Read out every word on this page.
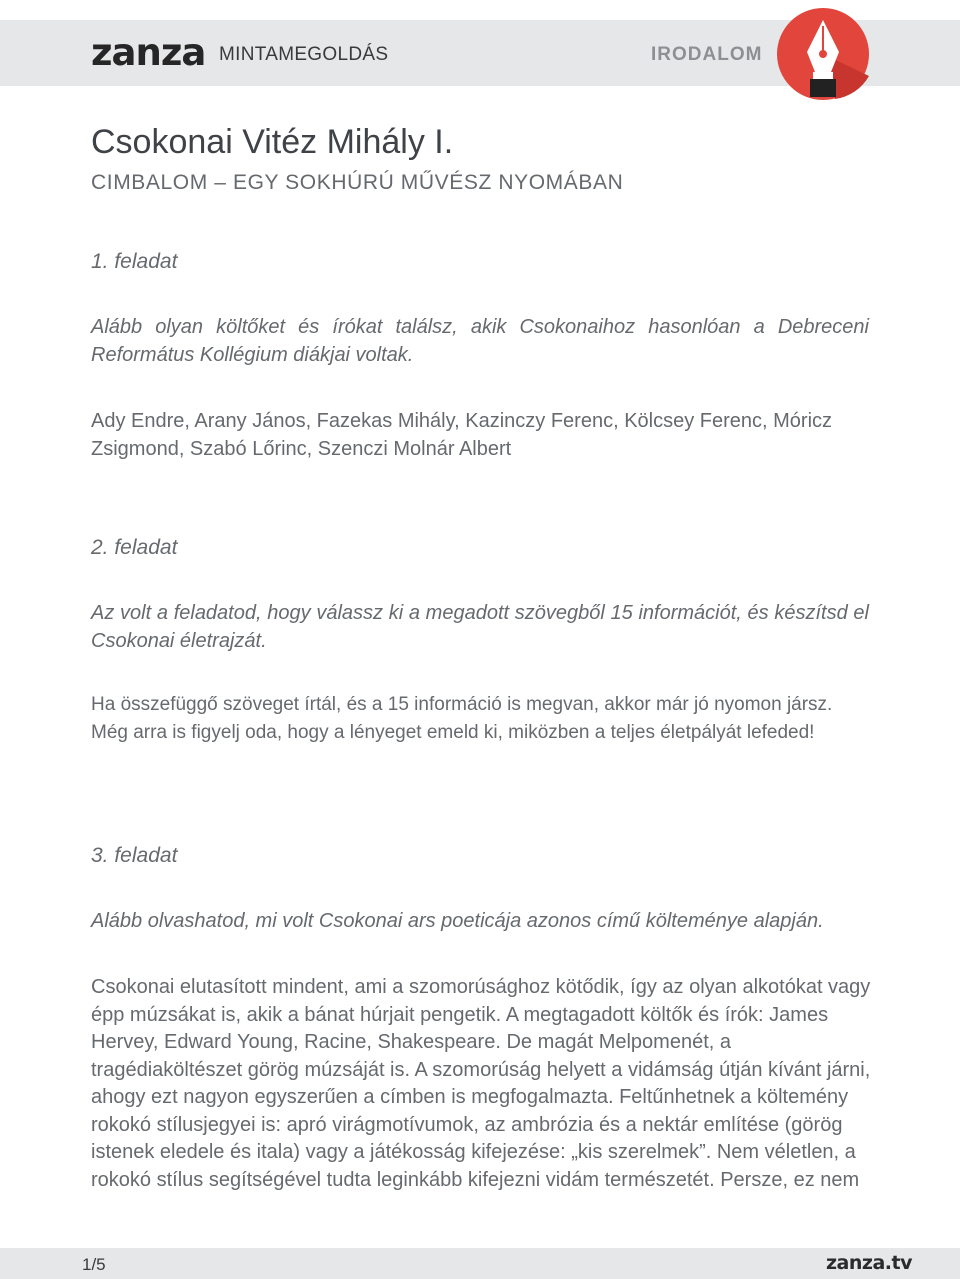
zanza MINTAMEGOLDÁS	IRODALOM
Csokonai Vitéz Mihály I.
CIMBALOM – EGY SOKHÚRÚ MŰVÉSZ NYOMÁBAN
1. feladat

Alább olyan költőket és írókat találsz, akik Csokonaihoz hasonlóan a Debreceni Református Kollégium diákjai voltak.

Ady Endre, Arany János, Fazekas Mihály, Kazinczy Ferenc, Kölcsey Ferenc, Móricz Zsigmond, Szabó Lőrinc, Szenczi Molnár Albert

2. feladat

Az volt a feladatod, hogy válassz ki a megadott szövegből 15 információt, és készítsd el Csokonai életrajzát.

Ha összefüggő szöveget írtál, és a 15 információ is megvan, akkor már jó nyomon jársz. Még arra is figyelj oda, hogy a lényeget emeld ki, miközben a teljes életpályát lefeded!

3. feladat

Alább olvashatod, mi volt Csokonai ars poeticája azonos című költeménye alapján.

Csokonai elutasított mindent, ami a szomorúsághoz kötődik, így az olyan alkotókat vagy épp múzsákat is, akik a bánat húrjait pengetik. A megtagadott költők és írók: James Hervey, Edward Young, Racine, Shakespeare. De magát Melpomenét, a tragédiaköltészet görög múzsáját is. A szomorúság helyett a vidámság útján kívánt járni, ahogy ezt nagyon egyszerűen a címben is megfogalmazta. Feltűnhetnek a költemény rokokó stílusjegyei is: apró virágmotívumok, az ambrózia és a nektár említése (görög istenek eledele és itala) vagy a játékosság kifejezése: „kis szerelmek”. Nem véletlen, a rokokó stílus segítségével tudta leginkább kifejezni vidám természetét. Persze, ez nem

1/5	zanza.tv
